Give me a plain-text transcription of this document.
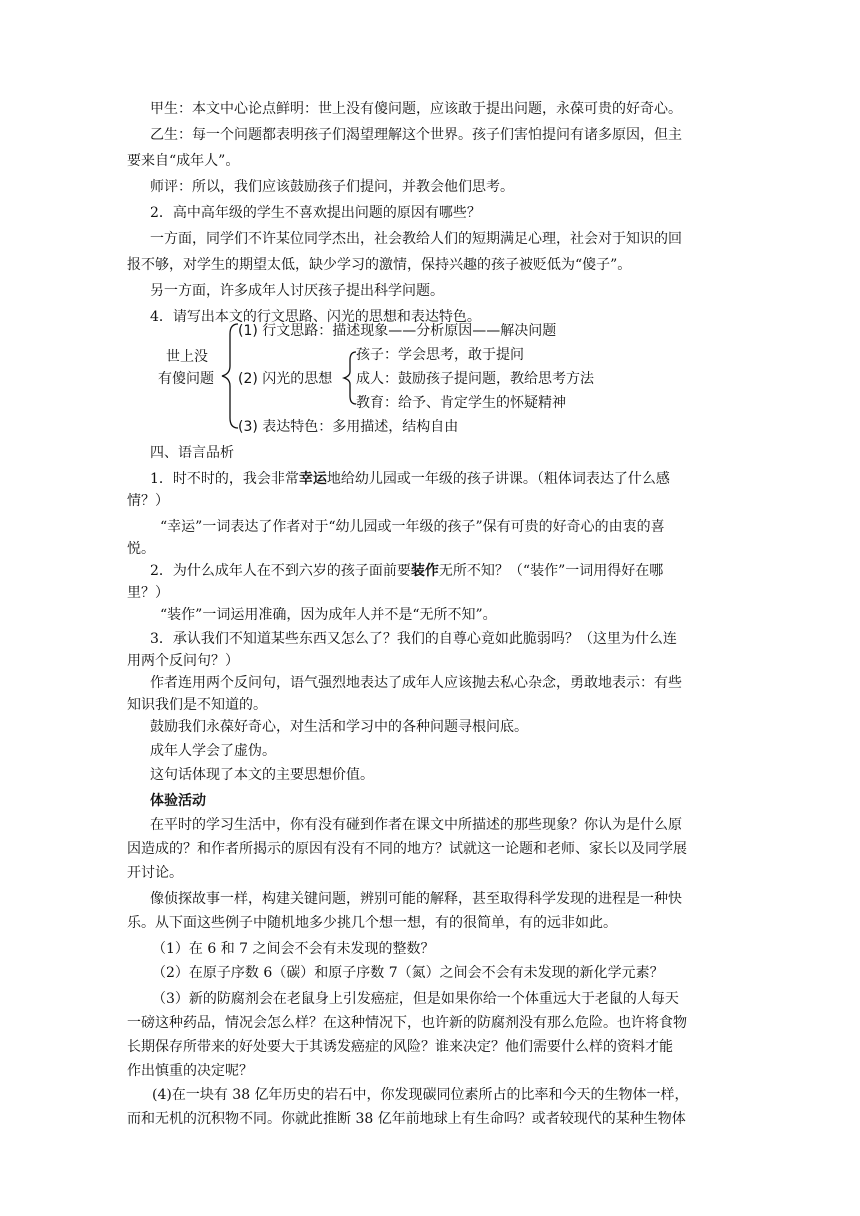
甲生：本文中心论点鲜明：世上没有傻问题，应该敢于提出问题，永葆可贵的好奇心。
乙生：每一个问题都表明孩子们渴望理解这个世界。孩子们害怕提问有诸多原因，但主
要来自“成年人”。
师评：所以，我们应该鼓励孩子们提问，并教会他们思考。
2．高中高年级的学生不喜欢提出问题的原因有哪些？
一方面，同学们不许某位同学杰出，社会教给人们的短期满足心理，社会对于知识的回
报不够，对学生的期望太低，缺少学习的激情，保持兴趣的孩子被贬低为“傻子”。
另一方面，许多成年人讨厌孩子提出科学问题。
4．请写出本文的行文思路、闪光的思想和表达特色。
世上没
有傻问题
(1) 行文思路：描述现象——分析原因——解决问题
(2) 闪光的思想
孩子：学会思考，敢于提问
成人：鼓励孩子提问题，教给思考方法
教育：给予、肯定学生的怀疑精神
(3) 表达特色：多用描述，结构自由
四、语言品析
1．时不时的，我会非常幸运地给幼儿园或一年级的孩子讲课。（粗体词表达了什么感
情？）
“幸运”一词表达了作者对于“幼儿园或一年级的孩子”保有可贵的好奇心的由衷的喜
悦。
2．为什么成年人在不到六岁的孩子面前要装作无所不知？（“装作”一词用得好在哪
里？）
“装作”一词运用准确，因为成年人并不是“无所不知”。
3．承认我们不知道某些东西又怎么了？我们的自尊心竟如此脆弱吗？（这里为什么连
用两个反问句？）
作者连用两个反问句，语气强烈地表达了成年人应该抛去私心杂念，勇敢地表示：有些
知识我们是不知道的。
鼓励我们永葆好奇心，对生活和学习中的各种问题寻根问底。
成年人学会了虚伪。
这句话体现了本文的主要思想价值。
体验活动
在平时的学习生活中，你有没有碰到作者在课文中所描述的那些现象？你认为是什么原
因造成的？和作者所揭示的原因有没有不同的地方？试就这一论题和老师、家长以及同学展
开讨论。
像侦探故事一样，构建关键问题，辨别可能的解释，甚至取得科学发现的进程是一种快
乐。从下面这些例子中随机地多少挑几个想一想，有的很简单，有的远非如此。
（1）在 6 和 7 之间会不会有未发现的整数？
（2）在原子序数 6（碳）和原子序数 7（氮）之间会不会有未发现的新化学元素？
（3）新的防腐剂会在老鼠身上引发癌症，但是如果你给一个体重远大于老鼠的人每天
一磅这种药品，情况会怎么样？在这种情况下，也许新的防腐剂没有那么危险。也许将食物
长期保存所带来的好处要大于其诱发癌症的风险？谁来决定？他们需要什么样的资料才能
作出慎重的决定呢？
(4)在一块有 38 亿年历史的岩石中，你发现碳同位素所占的比率和今天的生物体一样，
而和无机的沉积物不同。你就此推断 38 亿年前地球上有生命吗？或者较现代的某种生物体
